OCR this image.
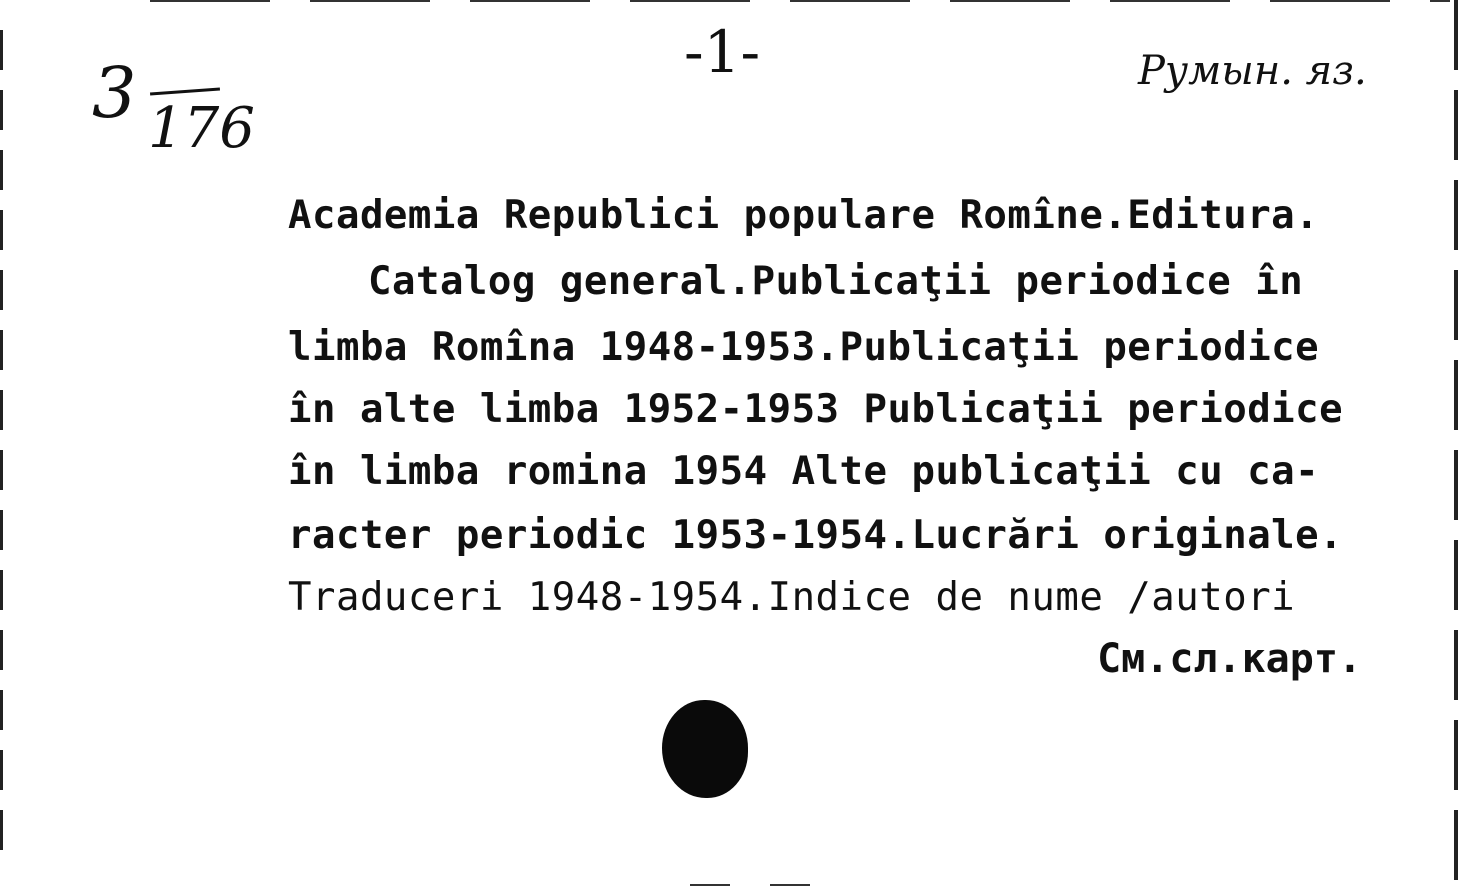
3 176
-1-	Румын. яз.
Academia Republici populare Romîne.Editura.
Catalog general.Publicaţii periodice în
limba Romîna 1948-1953.Publicaţii periodice
în alte limba 1952-1953 Publicaţii periodice
în limba romina 1954 Alte publicaţii cu ca-
racter periodic 1953-1954.Lucrări originale.
Traduceri 1948-1954.Indice de nume /autori
См.сл.карт.
